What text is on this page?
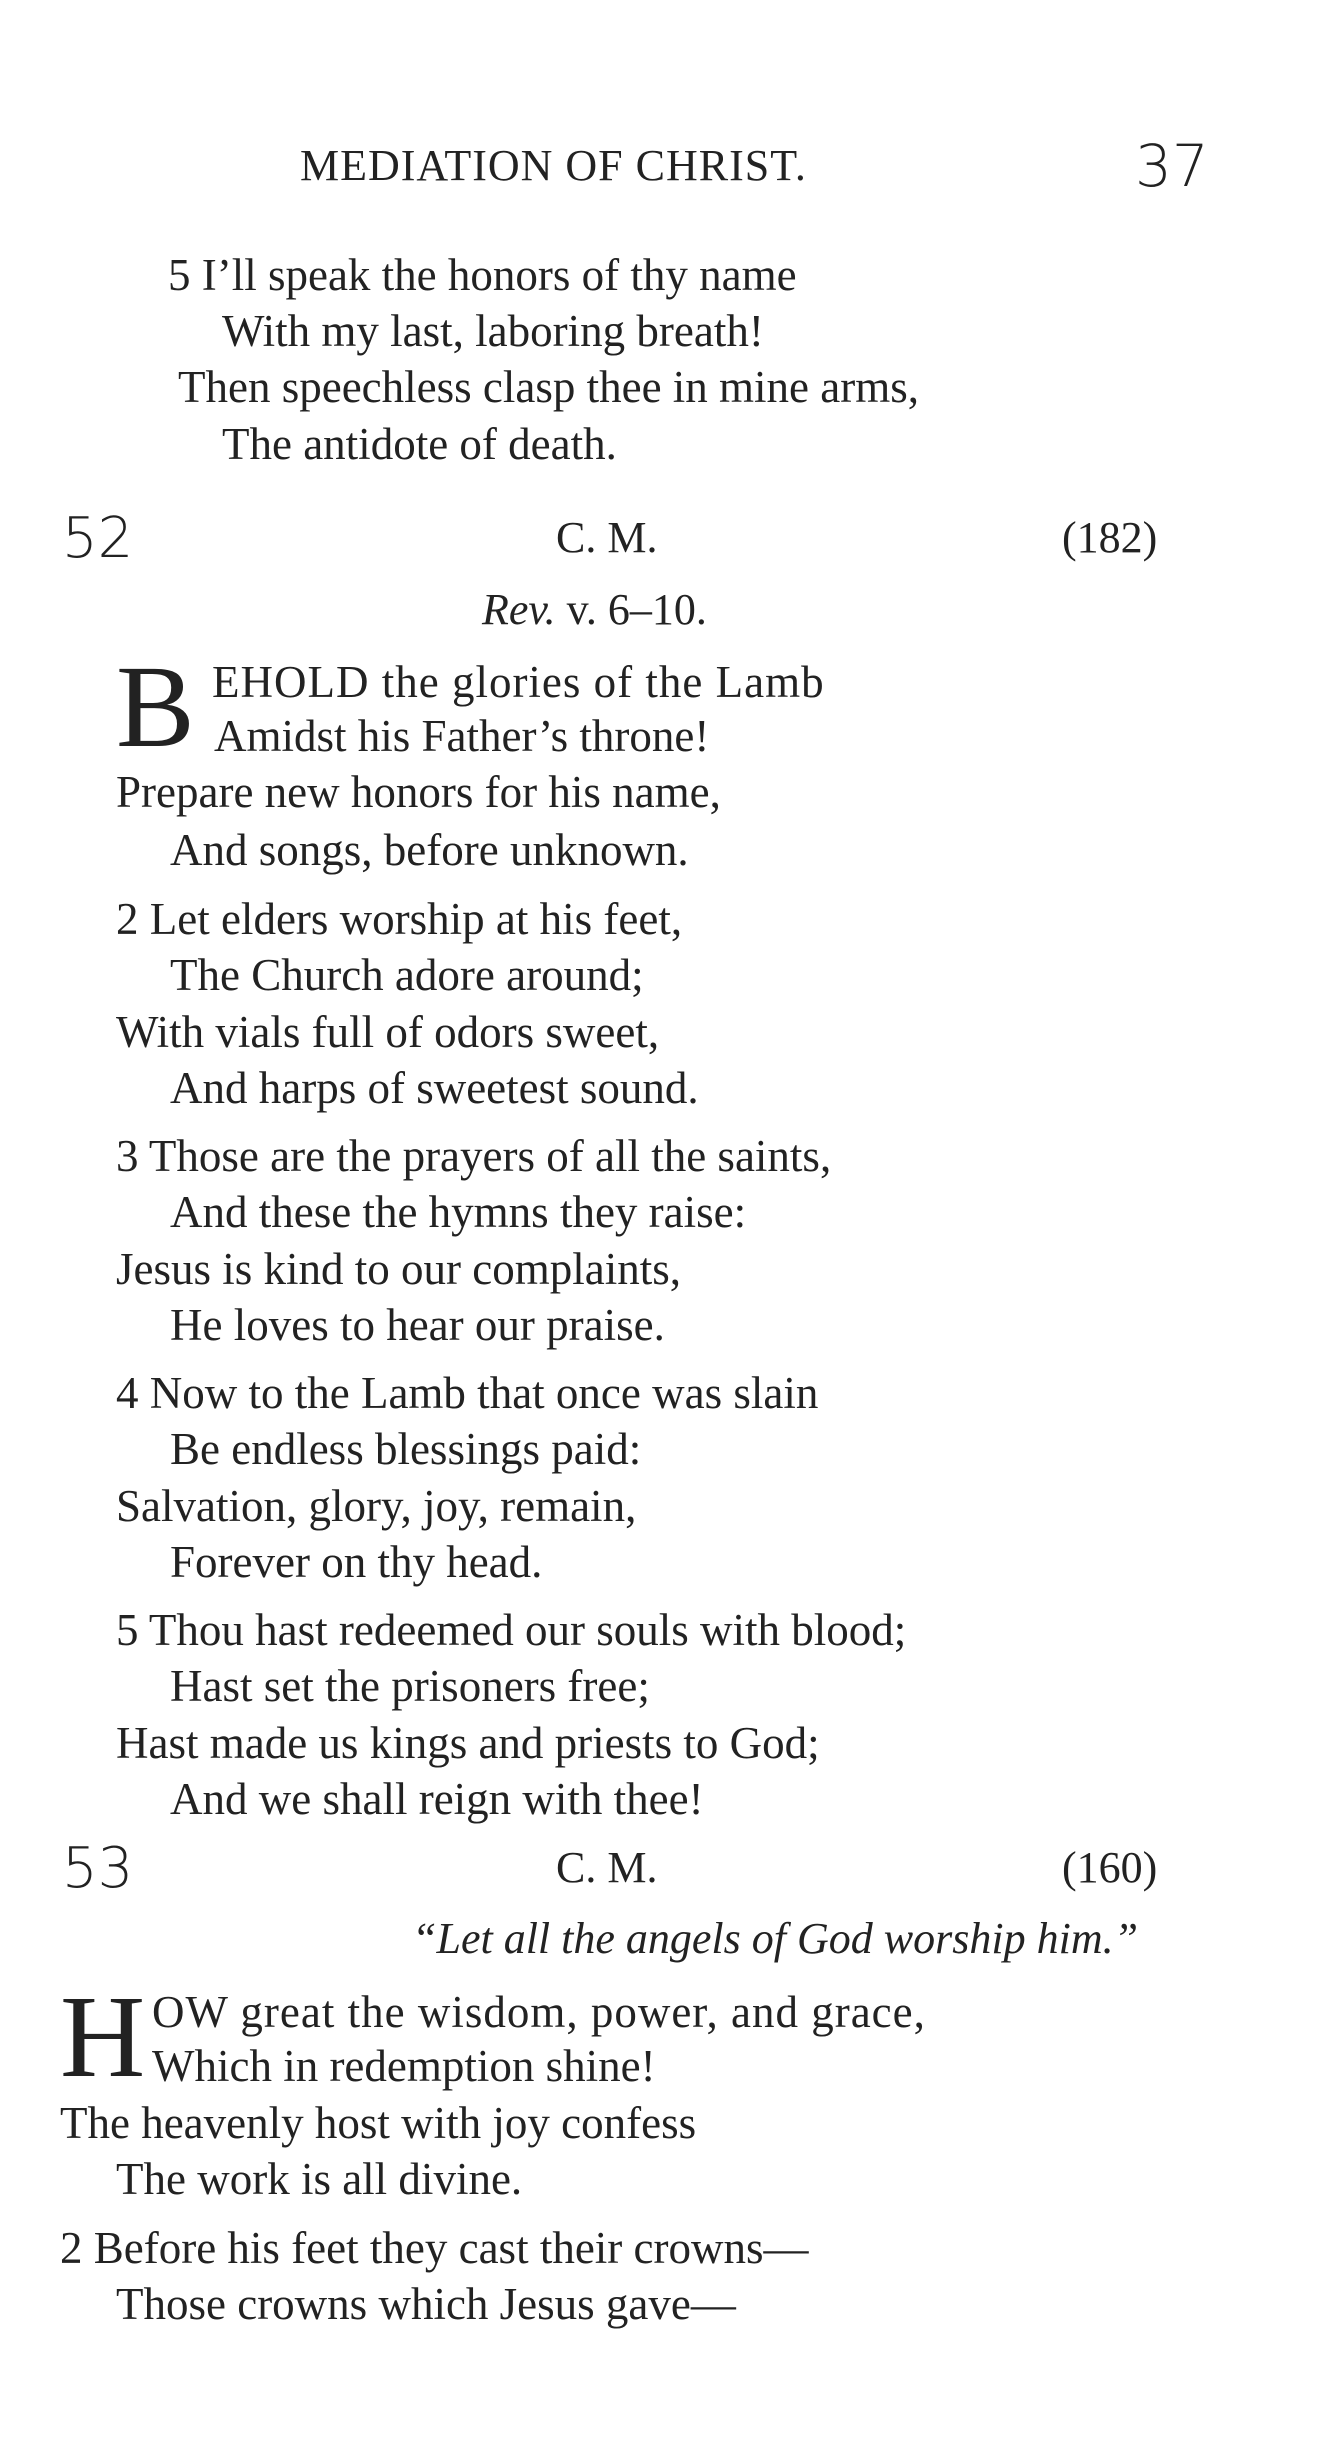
MEDIATION OF CHRIST.	37
5 I’ll speak the honors of thy name
With my last, laboring breath!
Then speechless clasp thee in mine arms,
The antidote of death.
52	C. M.	(182)
Rev. v. 6–10.
B EHOLD the glories of the Lamb
Amidst his Father’s throne!
Prepare new honors for his name,
And songs, before unknown.
2 Let elders worship at his feet,
The Church adore around;
With vials full of odors sweet,
And harps of sweetest sound.
3 Those are the prayers of all the saints,
And these the hymns they raise:
Jesus is kind to our complaints,
He loves to hear our praise.
4 Now to the Lamb that once was slain
Be endless blessings paid:
Salvation, glory, joy, remain,
Forever on thy head.
5 Thou hast redeemed our souls with blood;
Hast set the prisoners free;
Hast made us kings and priests to God;
And we shall reign with thee!
53	C. M.	(160)
“Let all the angels of God worship him.”
H OW great the wisdom, power, and grace,
Which in redemption shine!
The heavenly host with joy confess
The work is all divine.
2 Before his feet they cast their crowns—
Those crowns which Jesus gave—
